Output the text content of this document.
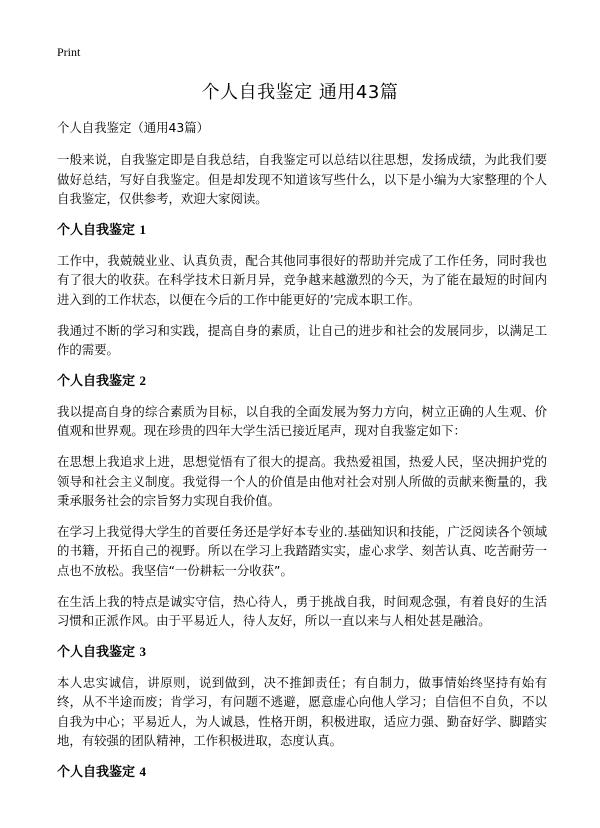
Print
个人自我鉴定 通用43篇

个人自我鉴定（通用43篇）

一般来说，自我鉴定即是自我总结，自我鉴定可以总结以往思想，发扬成绩，为此我们要做好总结，写好自我鉴定。但是却发现不知道该写些什么，以下是小编为大家整理的个人自我鉴定，仅供参考，欢迎大家阅读。

个人自我鉴定 1

工作中，我兢兢业业、认真负责，配合其他同事很好的帮助并完成了工作任务，同时我也有了很大的收获。在科学技术日新月异，竞争越来越激烈的今天，为了能在最短的时间内进入到的工作状态，以便在今后的工作中能更好的’完成本职工作。

我通过不断的学习和实践，提高自身的素质，让自己的进步和社会的发展同步，以满足工作的需要。

个人自我鉴定 2

我以提高自身的综合素质为目标，以自我的全面发展为努力方向，树立正确的人生观、价值观和世界观。现在珍贵的四年大学生活已接近尾声，现对自我鉴定如下：

在思想上我追求上进，思想觉悟有了很大的提高。我热爱祖国，热爱人民，坚决拥护党的领导和社会主义制度。我觉得一个人的价值是由他对社会对别人所做的贡献来衡量的，我秉承服务社会的宗旨努力实现自我价值。

在学习上我觉得大学生的首要任务还是学好本专业的.基础知识和技能，广泛阅读各个领域的书籍，开拓自己的视野。所以在学习上我踏踏实实，虚心求学、刻苦认真、吃苦耐劳一点也不放松。我坚信“一份耕耘一分收获”。

在生活上我的特点是诚实守信，热心待人，勇于挑战自我，时间观念强，有着良好的生活习惯和正派作风。由于平易近人，待人友好，所以一直以来与人相处甚是融洽。

个人自我鉴定 3

本人忠实诚信，讲原则，说到做到，决不推卸责任；有自制力，做事情始终坚持有始有终，从不半途而废；肯学习，有问题不逃避，愿意虚心向他人学习；自信但不自负，不以自我为中心；平易近人，为人诚恳，性格开朗，积极进取，适应力强、勤奋好学、脚踏实地，有较强的团队精神，工作积极进取，态度认真。

个人自我鉴定 4
